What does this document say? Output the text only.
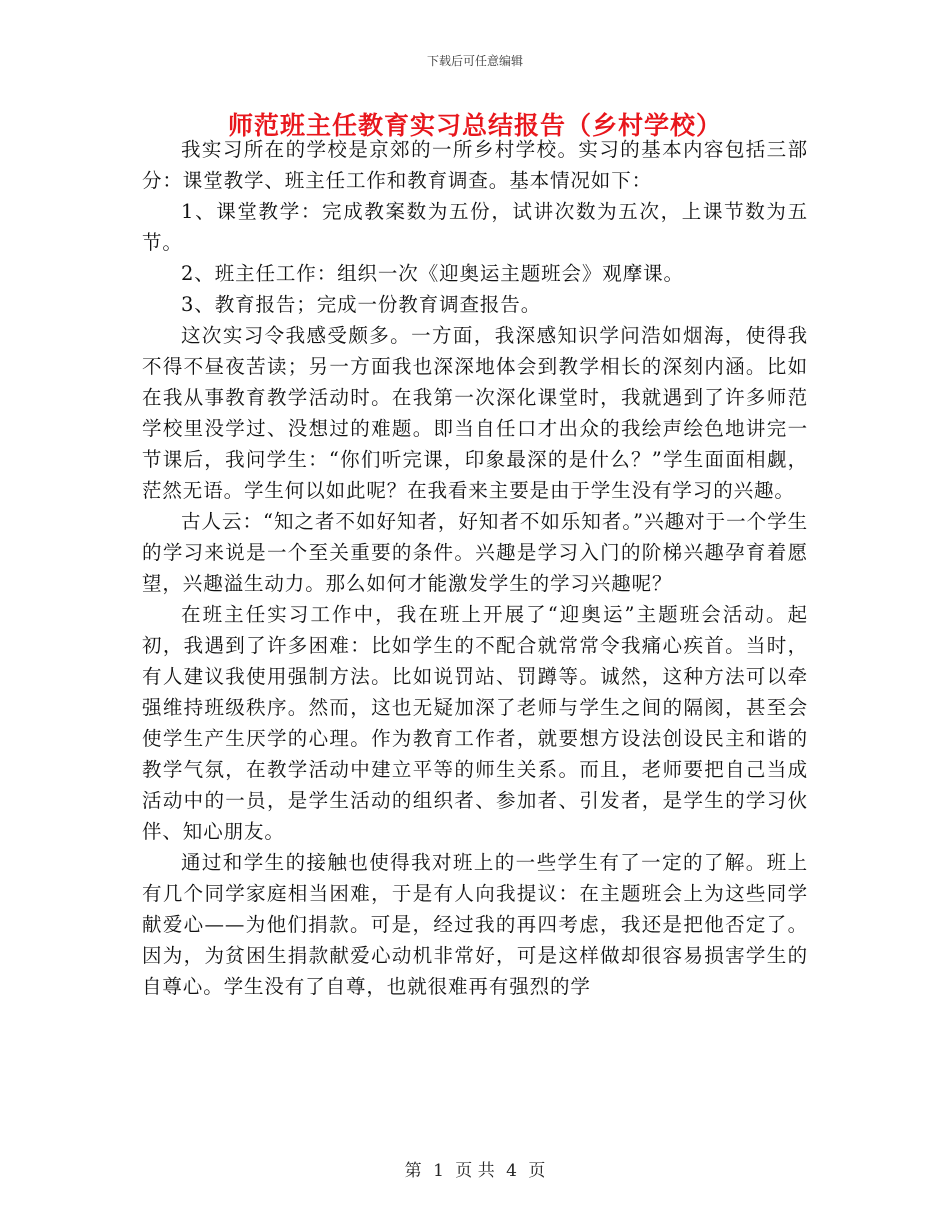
下载后可任意编辑
师范班主任教育实习总结报告（乡村学校）

我实习所在的学校是京郊的一所乡村学校。实习的基本内容包括三部分：课堂教学、班主任工作和教育调查。基本情况如下：

1、课堂教学：完成教案数为五份，试讲次数为五次，上课节数为五节。

2、班主任工作：组织一次《迎奥运主题班会》观摩课。

3、教育报告；完成一份教育调查报告。

这次实习令我感受颇多。一方面，我深感知识学问浩如烟海，使得我不得不昼夜苦读；另一方面我也深深地体会到教学相长的深刻内涵。比如在我从事教育教学活动时。在我第一次深化课堂时，我就遇到了许多师范学校里没学过、没想过的难题。即当自任口才出众的我绘声绘色地讲完一节课后，我问学生：“你们听完课，印象最深的是什么？”学生面面相觑，茫然无语。学生何以如此呢？在我看来主要是由于学生没有学习的兴趣。

古人云：“知之者不如好知者，好知者不如乐知者。”兴趣对于一个学生的学习来说是一个至关重要的条件。兴趣是学习入门的阶梯兴趣孕育着愿望，兴趣溢生动力。那么如何才能激发学生的学习兴趣呢？

在班主任实习工作中，我在班上开展了“迎奥运”主题班会活动。起初，我遇到了许多困难：比如学生的不配合就常常令我痛心疾首。当时，有人建议我使用强制方法。比如说罚站、罚蹲等。诚然，这种方法可以牵强维持班级秩序。然而，这也无疑加深了老师与学生之间的隔阂，甚至会使学生产生厌学的心理。作为教育工作者，就要想方设法创设民主和谐的教学气氛，在教学活动中建立平等的师生关系。而且，老师要把自己当成活动中的一员，是学生活动的组织者、参加者、引发者，是学生的学习伙伴、知心朋友。

通过和学生的接触也使得我对班上的一些学生有了一定的了解。班上有几个同学家庭相当困难，于是有人向我提议：在主题班会上为这些同学献爱心——为他们捐款。可是，经过我的再四考虑，我还是把他否定了。因为，为贫困生捐款献爱心动机非常好，可是这样做却很容易损害学生的自尊心。学生没有了自尊，也就很难再有强烈的学

第 1 页 共 4 页
